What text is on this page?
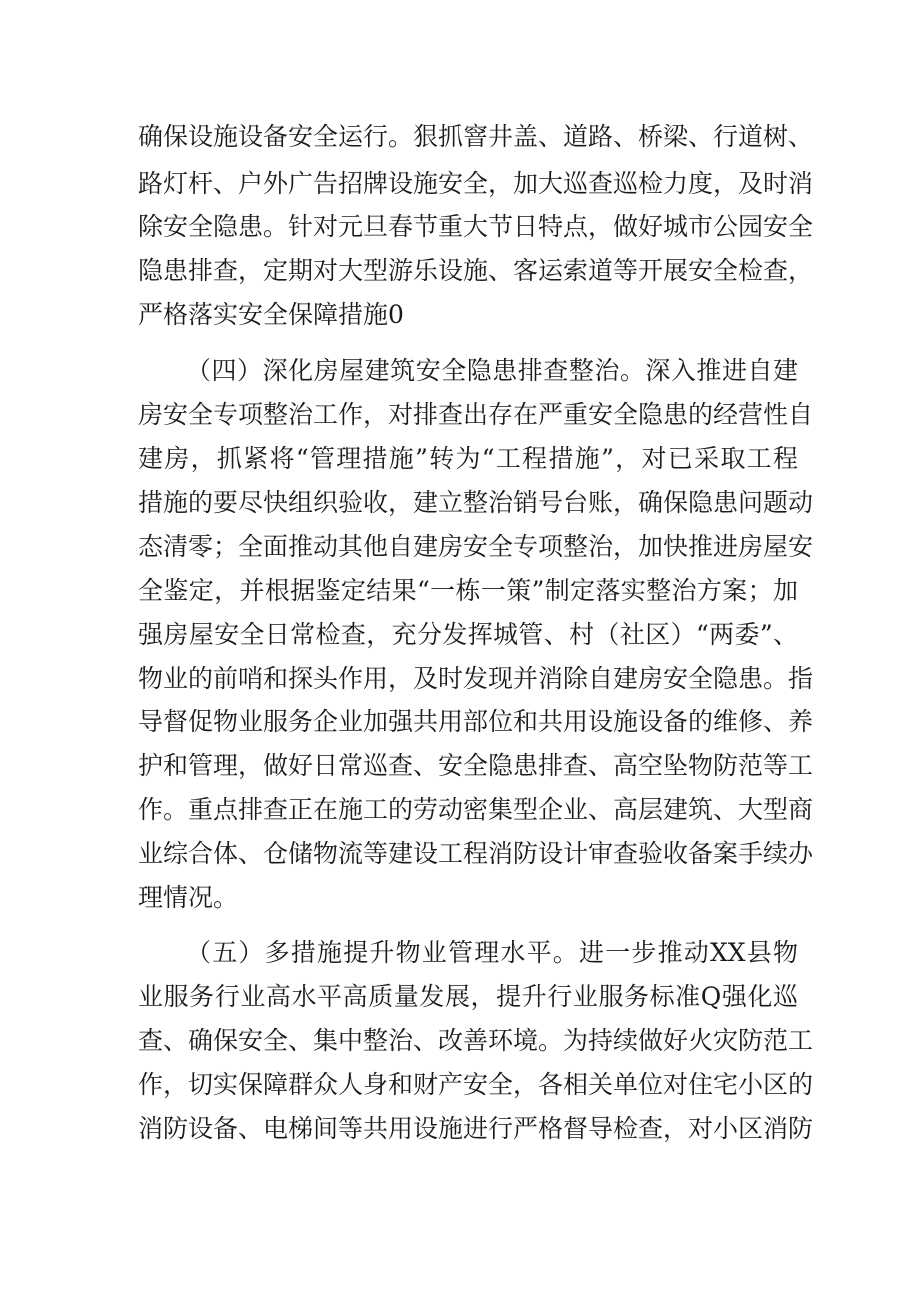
确保设施设备安全运行。狠抓窨井盖、道路、桥梁、行道树、
路灯杆、户外广告招牌设施安全，加大巡查巡检力度，及时消
除安全隐患。针对元旦春节重大节日特点，做好城市公园安全
隐患排查，定期对大型游乐设施、客运索道等开展安全检查，
严格落实安全保障措施0
（四）深化房屋建筑安全隐患排查整治。深入推进自建
房安全专项整治工作，对排查出存在严重安全隐患的经营性自
建房，抓紧将“管理措施”转为“工程措施”，对已采取工程
措施的要尽快组织验收，建立整治销号台账，确保隐患问题动
态清零；全面推动其他自建房安全专项整治，加快推进房屋安
全鉴定，并根据鉴定结果“一栋一策”制定落实整治方案；加
强房屋安全日常检查，充分发挥城管、村（社区）“两委”、
物业的前哨和探头作用，及时发现并消除自建房安全隐患。指
导督促物业服务企业加强共用部位和共用设施设备的维修、养
护和管理，做好日常巡查、安全隐患排查、高空坠物防范等工
作。重点排查正在施工的劳动密集型企业、高层建筑、大型商
业综合体、仓储物流等建设工程消防设计审查验收备案手续办
理情况。
（五）多措施提升物业管理水平。进一步推动XX县物
业服务行业高水平高质量发展，提升行业服务标准Q强化巡
查、确保安全、集中整治、改善环境。为持续做好火灾防范工
作，切实保障群众人身和财产安全，各相关单位对住宅小区的
消防设备、电梯间等共用设施进行严格督导检查，对小区消防
